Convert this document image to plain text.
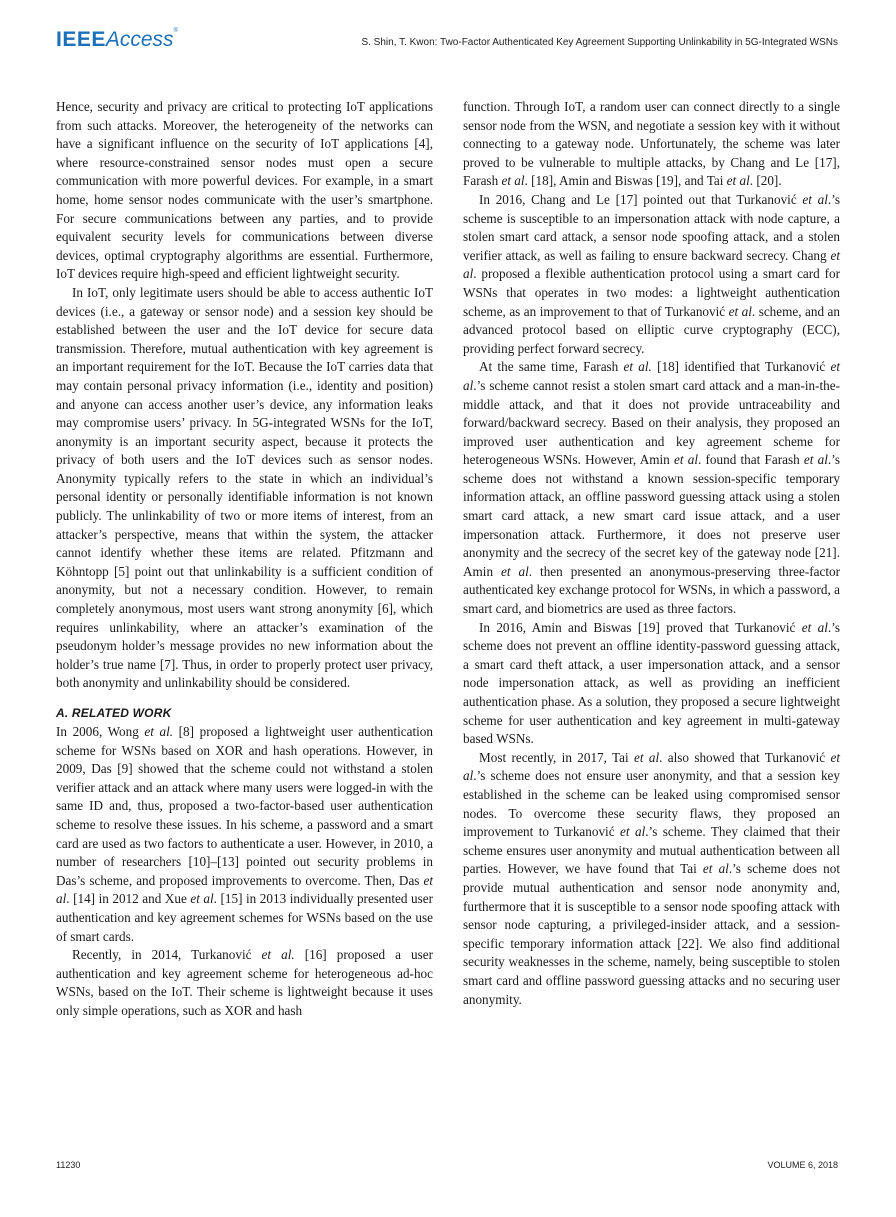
IEEEAccess®
S. Shin, T. Kwon: Two-Factor Authenticated Key Agreement Supporting Unlinkability in 5G-Integrated WSNs

Hence, security and privacy are critical to protecting IoT applications from such attacks. Moreover, the heterogeneity of the networks can have a significant influence on the security of IoT applications [4], where resource-constrained sensor nodes must open a secure communication with more powerful devices. For example, in a smart home, home sensor nodes communicate with the user’s smartphone. For secure communications between any parties, and to provide equivalent security levels for communications between diverse devices, optimal cryptography algorithms are essential. Furthermore, IoT devices require high-speed and efficient lightweight security.

In IoT, only legitimate users should be able to access authentic IoT devices (i.e., a gateway or sensor node) and a session key should be established between the user and the IoT device for secure data transmission. Therefore, mutual authentication with key agreement is an important requirement for the IoT. Because the IoT carries data that may contain personal privacy information (i.e., identity and position) and anyone can access another user’s device, any information leaks may compromise users’ privacy. In 5G-integrated WSNs for the IoT, anonymity is an important security aspect, because it protects the privacy of both users and the IoT devices such as sensor nodes. Anonymity typically refers to the state in which an individual’s personal identity or personally identifiable information is not known publicly. The unlinkability of two or more items of interest, from an attacker’s perspective, means that within the system, the attacker cannot identify whether these items are related. Pfitzmann and Köhntopp [5] point out that unlinkability is a sufficient condition of anonymity, but not a necessary condition. However, to remain completely anonymous, most users want strong anonymity [6], which requires unlinkability, where an attacker’s examination of the pseudonym holder’s message provides no new information about the holder’s true name [7]. Thus, in order to properly protect user privacy, both anonymity and unlinkability should be considered.

A. RELATED WORK

In 2006, Wong et al. [8] proposed a lightweight user authentication scheme for WSNs based on XOR and hash operations. However, in 2009, Das [9] showed that the scheme could not withstand a stolen verifier attack and an attack where many users were logged-in with the same ID and, thus, proposed a two-factor-based user authentication scheme to resolve these issues. In his scheme, a password and a smart card are used as two factors to authenticate a user. However, in 2010, a number of researchers [10]–[13] pointed out security problems in Das’s scheme, and proposed improvements to overcome. Then, Das et al. [14] in 2012 and Xue et al. [15] in 2013 individually presented user authentication and key agreement schemes for WSNs based on the use of smart cards.

Recently, in 2014, Turkanović et al. [16] proposed a user authentication and key agreement scheme for heterogeneous ad-hoc WSNs, based on the IoT. Their scheme is lightweight because it uses only simple operations, such as XOR and hash

function. Through IoT, a random user can connect directly to a single sensor node from the WSN, and negotiate a session key with it without connecting to a gateway node. Unfortunately, the scheme was later proved to be vulnerable to multiple attacks, by Chang and Le [17], Farash et al. [18], Amin and Biswas [19], and Tai et al. [20].

In 2016, Chang and Le [17] pointed out that Turkanović et al.’s scheme is susceptible to an impersonation attack with node capture, a stolen smart card attack, a sensor node spoofing attack, and a stolen verifier attack, as well as failing to ensure backward secrecy. Chang et al. proposed a flexible authentication protocol using a smart card for WSNs that operates in two modes: a lightweight authentication scheme, as an improvement to that of Turkanović et al. scheme, and an advanced protocol based on elliptic curve cryptography (ECC), providing perfect forward secrecy.

At the same time, Farash et al. [18] identified that Turkanović et al.’s scheme cannot resist a stolen smart card attack and a man-in-the-middle attack, and that it does not provide untraceability and forward/backward secrecy. Based on their analysis, they proposed an improved user authentication and key agreement scheme for heterogeneous WSNs. However, Amin et al. found that Farash et al.’s scheme does not withstand a known session-specific temporary information attack, an offline password guessing attack using a stolen smart card attack, a new smart card issue attack, and a user impersonation attack. Furthermore, it does not preserve user anonymity and the secrecy of the secret key of the gateway node [21]. Amin et al. then presented an anonymous-preserving three-factor authenticated key exchange protocol for WSNs, in which a password, a smart card, and biometrics are used as three factors.

In 2016, Amin and Biswas [19] proved that Turkanović et al.’s scheme does not prevent an offline identity-password guessing attack, a smart card theft attack, a user impersonation attack, and a sensor node impersonation attack, as well as providing an inefficient authentication phase. As a solution, they proposed a secure lightweight scheme for user authentication and key agreement in multi-gateway based WSNs.

Most recently, in 2017, Tai et al. also showed that Turkanović et al.’s scheme does not ensure user anonymity, and that a session key established in the scheme can be leaked using compromised sensor nodes. To overcome these security flaws, they proposed an improvement to Turkanović et al.’s scheme. They claimed that their scheme ensures user anonymity and mutual authentication between all parties. However, we have found that Tai et al.’s scheme does not provide mutual authentication and sensor node anonymity and, furthermore that it is susceptible to a sensor node spoofing attack with sensor node capturing, a privileged-insider attack, and a session-specific temporary information attack [22]. We also find additional security weaknesses in the scheme, namely, being susceptible to stolen smart card and offline password guessing attacks and no securing user anonymity.

11230	VOLUME 6, 2018
